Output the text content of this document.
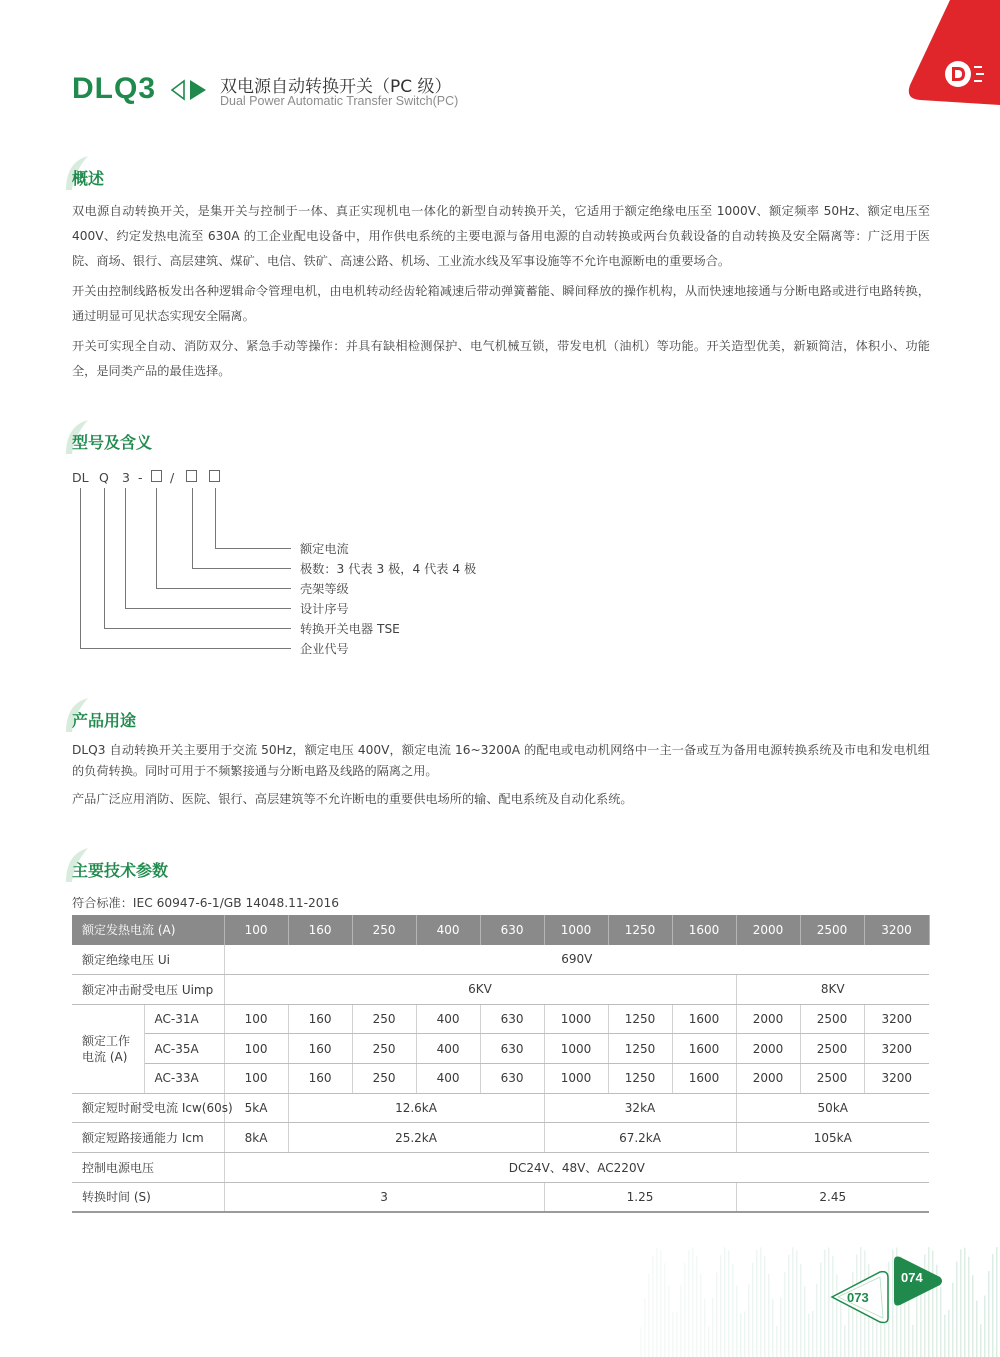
DLQ3	双电源自动转换开关（PC 级）
Dual Power Automatic Transfer Switch(PC)
概述

双电源自动转换开关，是集开关与控制于一体、真正实现机电一体化的新型自动转换开关，它适用于额定绝缘电压至 1000V、额定频率 50Hz、额定电压至 400V、约定发热电流至 630A 的工企业配电设备中，用作供电系统的主要电源与备用电源的自动转换或两台负载设备的自动转换及安全隔离等：广泛用于医院、商场、银行、高层建筑、煤矿、电信、铁矿、高速公路、机场、工业流水线及军事设施等不允许电源断电的重要场合。

开关由控制线路板发出各种逻辑命令管理电机，由电机转动经齿轮箱减速后带动弹簧蓄能、瞬间释放的操作机构，从而快速地接通与分断电路或进行电路转换，通过明显可见状态实现安全隔离。

开关可实现全自动、消防双分、紧急手动等操作：并具有缺相检测保护、电气机械互锁，带发电机（油机）等功能。开关造型优美，新颖简洁，体积小、功能全，是同类产品的最佳选择。

型号及含义
DL Q 3 - /
额定电流
极数：3 代表 3 极，4 代表 4 极
壳架等级
设计序号
转换开关电器 TSE
企业代号
产品用途

DLQ3 自动转换开关主要用于交流 50Hz，额定电压 400V，额定电流 16~3200A 的配电或电动机网络中一主一备或互为备用电源转换系统及市电和发电机组的负荷转换。同时可用于不频繁接通与分断电路及线路的隔离之用。

产品广泛应用消防、医院、银行、高层建筑等不允许断电的重要供电场所的输、配电系统及自动化系统。

主要技术参数
符合标准：IEC 60947-6-1/GB 14048.11-2016
额定发热电流 (A)		100	160	250	400	630	1000	1250	1600	2000	2500	3200
额定绝缘电压 Ui		690V										
额定冲击耐受电压 Uimp		6KV								8KV		
额定工作
电流 (A)	AC-31A	100	160	250	400	630	1000	1250	1600	2000	2500	3200
	AC-35A	100	160	250	400	630	1000	1250	1600	2000	2500	3200
	AC-33A	100	160	250	400	630	1000	1250	1600	2000	2500	3200
额定短时耐受电流 Icw(60s)		5kA	12.6kA				32kA			50kA		
额定短路接通能力 Icm		8kA	25.2kA				67.2kA			105kA		
控制电源电压		DC24V、48V、AC220V										
转换时间 (S)		3					1.25			2.45		
073
074
